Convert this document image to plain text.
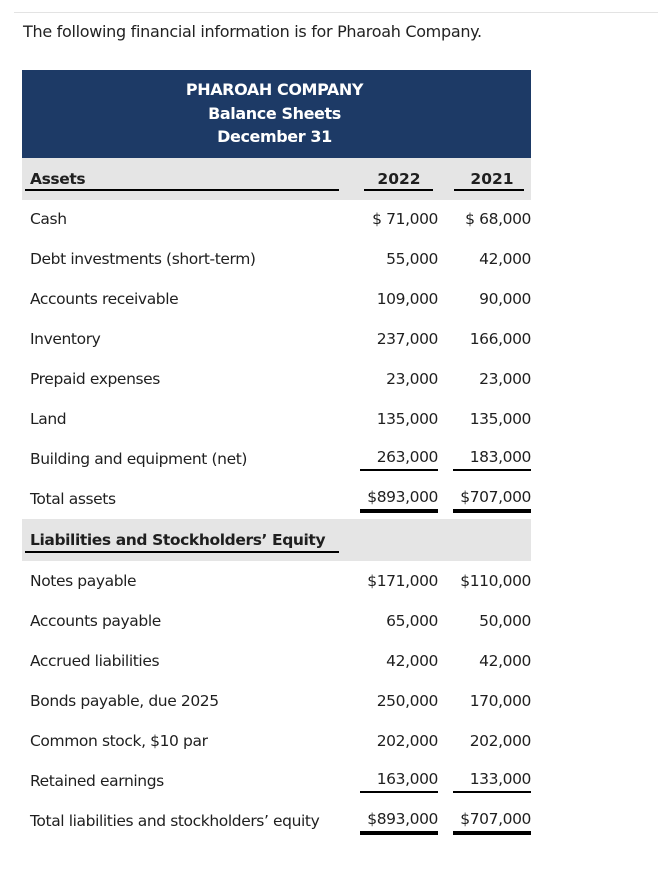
The following financial information is for Pharoah Company.
PHAROAH COMPANY
Balance Sheets
December 31
Assets	2022	2021
Cash	$ 71,000	$ 68,000
Debt investments (short-term)	55,000	42,000
Accounts receivable	109,000	90,000
Inventory	237,000	166,000
Prepaid expenses	23,000	23,000
Land	135,000	135,000
Building and equipment (net)	263,000	183,000
Total assets	$893,000	$707,000
Liabilities and Stockholders’ Equity
Notes payable	$171,000	$110,000
Accounts payable	65,000	50,000
Accrued liabilities	42,000	42,000
Bonds payable, due 2025	250,000	170,000
Common stock, $10 par	202,000	202,000
Retained earnings	163,000	133,000
Total liabilities and stockholders’ equity	$893,000	$707,000
